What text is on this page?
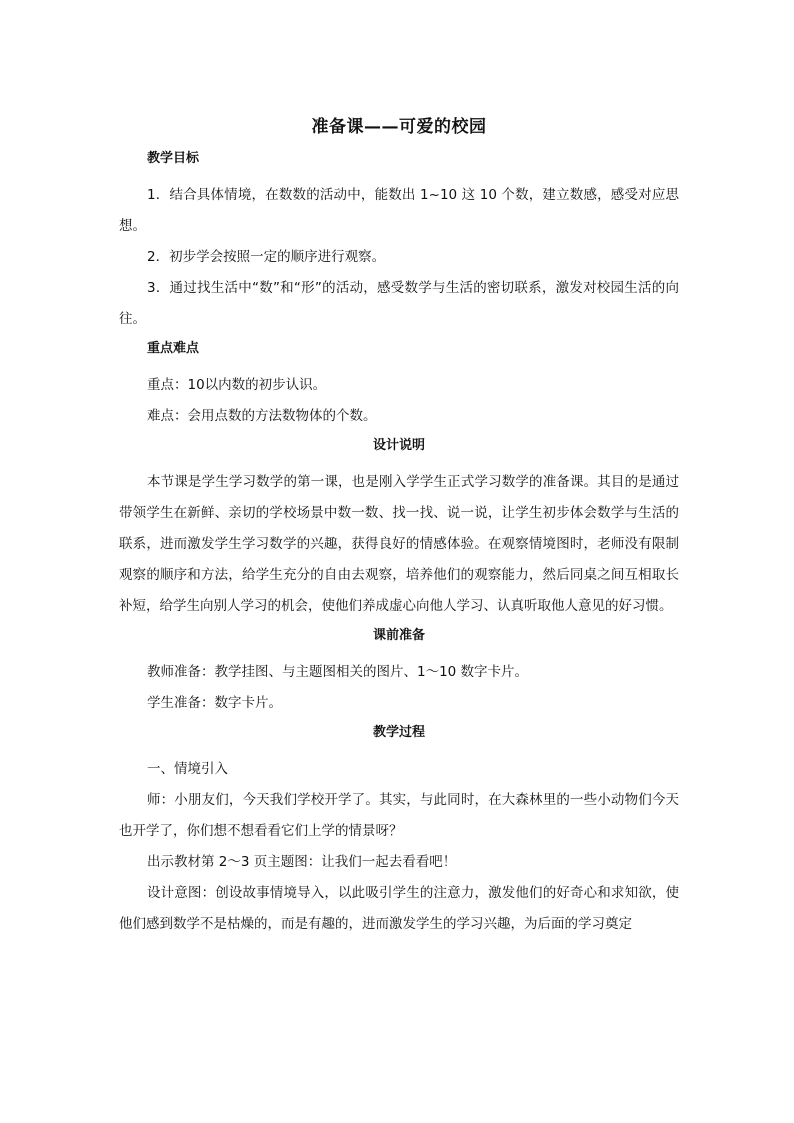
准备课——可爱的校园
教学目标

1．结合具体情境，在数数的活动中，能数出 1~10 这 10 个数，建立数感，感受对应思想。

2．初步学会按照一定的顺序进行观察。

3．通过找生活中“数”和“形”的活动，感受数学与生活的密切联系，激发对校园生活的向往。

重点难点

重点：10以内数的初步认识。

难点：会用点数的方法数物体的个数。

设计说明

本节课是学生学习数学的第一课，也是刚入学学生正式学习数学的准备课。其目的是通过带领学生在新鲜、亲切的学校场景中数一数、找一找、说一说，让学生初步体会数学与生活的联系，进而激发学生学习数学的兴趣，获得良好的情感体验。在观察情境图时，老师没有限制观察的顺序和方法，给学生充分的自由去观察，培养他们的观察能力，然后同桌之间互相取长补短，给学生向别人学习的机会，使他们养成虚心向他人学习、认真听取他人意见的好习惯。

课前准备

教师准备：教学挂图、与主题图相关的图片、1～10 数字卡片。

学生准备：数字卡片。

教学过程

一、情境引入

师：小朋友们，今天我们学校开学了。其实，与此同时，在大森林里的一些小动物们今天也开学了，你们想不想看看它们上学的情景呀？

出示教材第 2～3 页主题图：让我们一起去看看吧！

设计意图：创设故事情境导入，以此吸引学生的注意力，激发他们的好奇心和求知欲，使他们感到数学不是枯燥的，而是有趣的，进而激发学生的学习兴趣，为后面的学习奠定
